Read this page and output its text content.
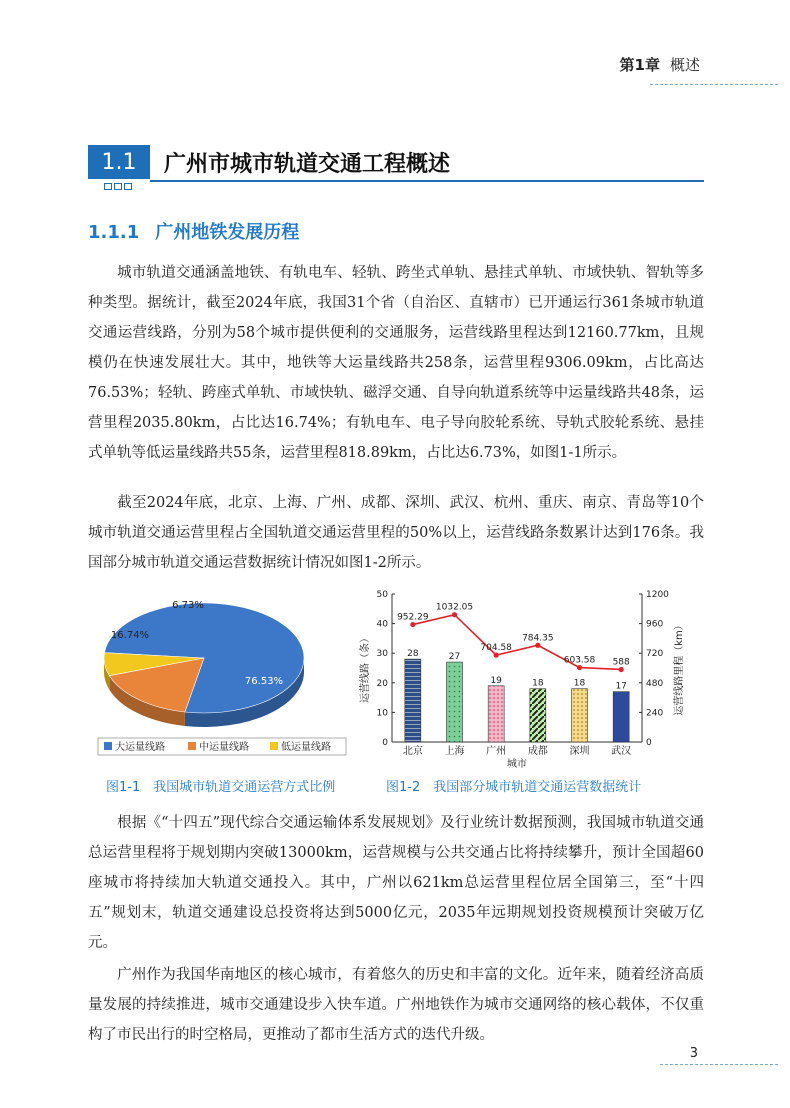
第1章 概述
1.1	广州市城市轨道交通工程概述
1.1.1 广州地铁发展历程

城市轨道交通涵盖地铁、有轨电车、轻轨、跨坐式单轨、悬挂式单轨、市域快轨、智轨等多种类型。据统计，截至2024年底，我国31个省（自治区、直辖市）已开通运行361条城市轨道交通运营线路，分别为58个城市提供便利的交通服务，运营线路里程达到12160.77km，且规模仍在快速发展壮大。其中，地铁等大运量线路共258条，运营里程9306.09km，占比高达76.53%；轻轨、跨座式单轨、市域快轨、磁浮交通、自导向轨道系统等中运量线路共48条，运营里程2035.80km，占比达16.74%；有轨电车、电子导向胶轮系统、导轨式胶轮系统、悬挂式单轨等低运量线路共55条，运营里程818.89km，占比达6.73%，如图1-1所示。

截至2024年底，北京、上海、广州、成都、深圳、武汉、杭州、重庆、南京、青岛等10个城市轨道交通运营里程占全国轨道交通运营里程的50%以上，运营线路条数累计达到176条。我国部分城市轨道交通运营数据统计情况如图1-2所示。

76.53%
16.74%
6.73%
大运量线路	中运量线路	低运量线路	0
10
20
30
40
50
0
240
480
720
960
1200
运营线路（条）	运营线路里程（km）
城市
28
北京
27
上海
19
广州
18
成都
18
深圳
17
武汉
952.29
1032.05
704.58
784.35
603.58 588
图1-1　我国城市轨道交通运营方式比例	图1-2　我国部分城市轨道交通运营数据统计

根据《“十四五”现代综合交通运输体系发展规划》及行业统计数据预测，我国城市轨道交通总运营里程将于规划期内突破13000km，运营规模与公共交通占比将持续攀升，预计全国超60座城市将持续加大轨道交通投入。其中，广州以621km总运营里程位居全国第三，至“十四五”规划末，轨道交通建设总投资将达到5000亿元，2035年远期规划投资规模预计突破万亿元。

广州作为我国华南地区的核心城市，有着悠久的历史和丰富的文化。近年来，随着经济高质量发展的持续推进，城市交通建设步入快车道。广州地铁作为城市交通网络的核心载体，不仅重构了市民出行的时空格局，更推动了都市生活方式的迭代升级。

3
